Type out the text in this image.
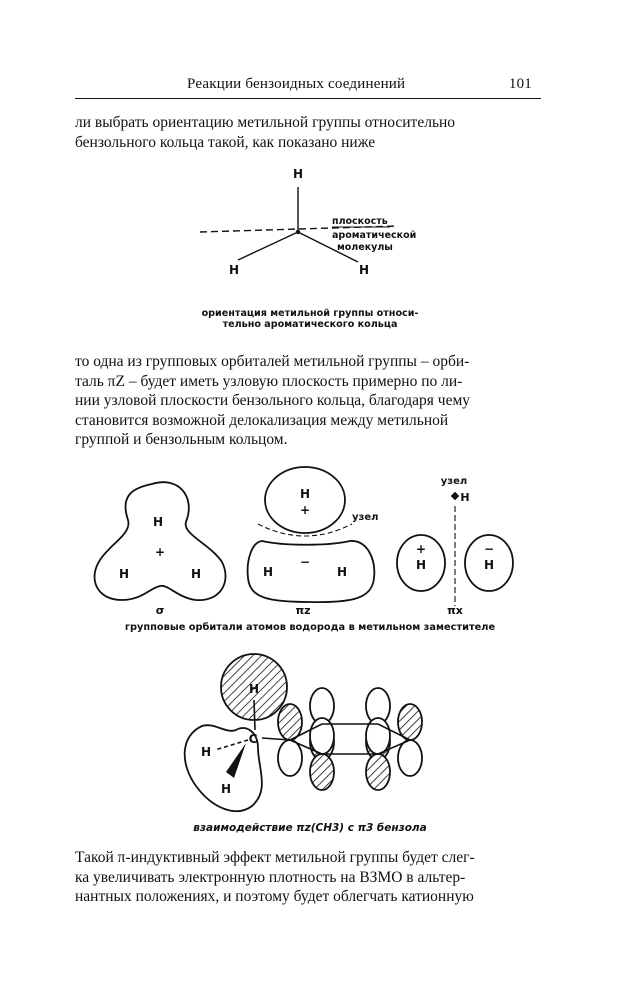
Реакции бензоидных соединений	101

ли выбрать ориентацию метильной группы относительно

бензольного кольца такой, как показано ниже

H
H	H
плоскость
ароматической
молекулы
ориентация метильной группы относи-
тельно ароматического кольца

то одна из групповых орбиталей метильной группы – орби-

таль πZ – будет иметь узловую плоскость примерно по ли-

нии узловой плоскости бензольного кольца, благодаря чему

становится возможной делокализация между метильной

группой и бензольным кольцом.

H
+
H	H
σ
H
+
узел
H
−
H
πz
узел
H
+
H
−
H
πx
групповые орбитали атомов водорода в метильном заместителе
H
C
H
H
взаимодействие πz(CH3) с π3 бензола

Такой π-индуктивный эффект метильной группы будет слег-

ка увеличивать электронную плотность на ВЗМО в альтер-

нантных положениях, и поэтому будет облегчать катионную
